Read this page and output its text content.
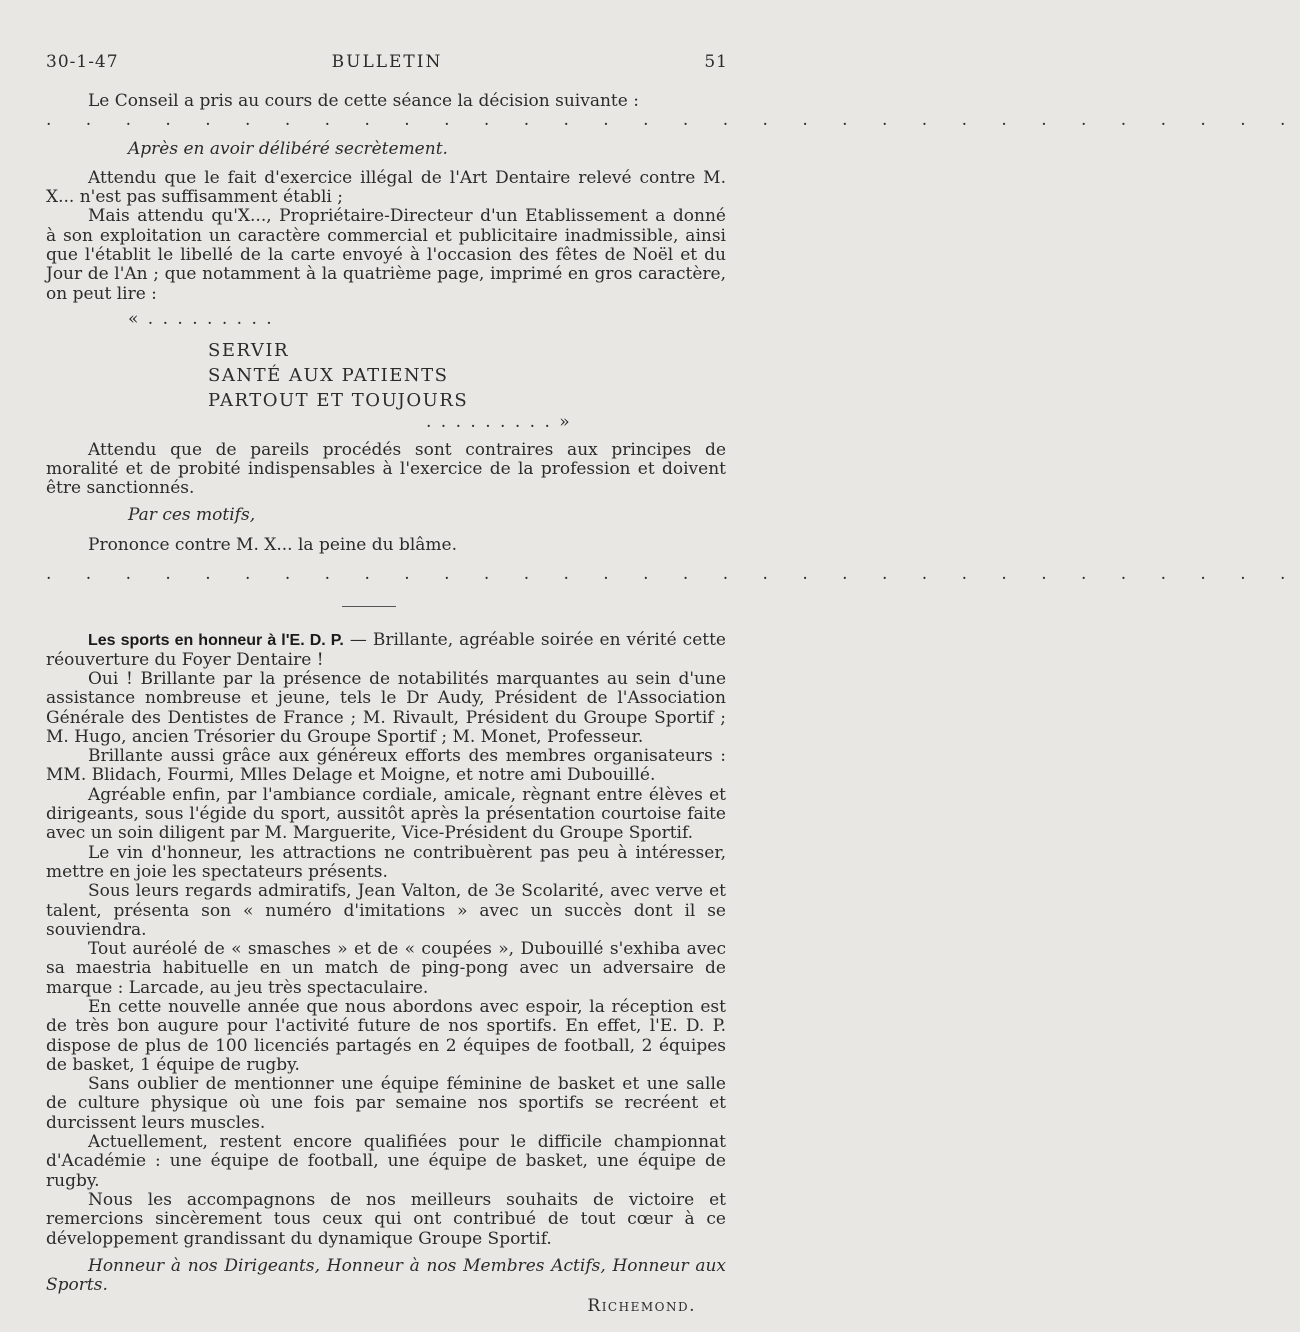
30-1-47	BULLETIN	51

Le Conseil a pris au cours de cette séance la décision suivante :

. . . . . . . . . . . . . . . . . . . . . . . . . . . . . . . .

Après en avoir délibéré secrètement.

Attendu que le fait d'exercice illégal de l'Art Dentaire relevé contre M. X... n'est pas suffisamment établi ;

Mais attendu qu'X..., Propriétaire-Directeur d'un Etablissement a donné à son exploitation un caractère commercial et publicitaire inadmissible, ainsi que l'établit le libellé de la carte envoyé à l'occasion des fêtes de Noël et du Jour de l'An ; que notamment à la quatrième page, imprimé en gros caractère, on peut lire :

« . . . . . . . . .

SERVIR

SANTÉ AUX PATIENTS

PARTOUT ET TOUJOURS

. . . . . . . . . »

Attendu que de pareils procédés sont contraires aux principes de moralité et de probité indispensables à l'exercice de la profession et doivent être sanctionnés.

Par ces motifs,

Prononce contre M. X... la peine du blâme.

. . . . . . . . . . . . . . . . . . . . . . . . . . . . . . . .

Les sports en honneur à l'E. D. P. — Brillante, agréable soirée en vérité cette réouverture du Foyer Dentaire !

Oui ! Brillante par la présence de notabilités marquantes au sein d'une assistance nombreuse et jeune, tels le Dr Audy, Président de l'Association Générale des Dentistes de France ; M. Rivault, Président du Groupe Sportif ; M. Hugo, ancien Trésorier du Groupe Sportif ; M. Monet, Professeur.

Brillante aussi grâce aux généreux efforts des membres organisateurs : MM. Blidach, Fourmi, Mlles Delage et Moigne, et notre ami Dubouillé.

Agréable enfin, par l'ambiance cordiale, amicale, règnant entre élèves et dirigeants, sous l'égide du sport, aussitôt après la présentation courtoise faite avec un soin diligent par M. Marguerite, Vice-Président du Groupe Sportif.

Le vin d'honneur, les attractions ne contribuèrent pas peu à intéresser, mettre en joie les spectateurs présents.

Sous leurs regards admiratifs, Jean Valton, de 3e Scolarité, avec verve et talent, présenta son « numéro d'imitations » avec un succès dont il se souviendra.

Tout auréolé de « smasches » et de « coupées », Dubouillé s'exhiba avec sa maestria habituelle en un match de ping-pong avec un adversaire de marque : Larcade, au jeu très spectaculaire.

En cette nouvelle année que nous abordons avec espoir, la réception est de très bon augure pour l'activité future de nos sportifs. En effet, l'E. D. P. dispose de plus de 100 licenciés partagés en 2 équipes de football, 2 équipes de basket, 1 équipe de rugby.

Sans oublier de mentionner une équipe féminine de basket et une salle de culture physique où une fois par semaine nos sportifs se recréent et durcissent leurs muscles.

Actuellement, restent encore qualifiées pour le difficile championnat d'Académie : une équipe de football, une équipe de basket, une équipe de rugby.

Nous les accompagnons de nos meilleurs souhaits de victoire et remercions sincèrement tous ceux qui ont contribué de tout cœur à ce développement grandissant du dynamique Groupe Sportif.

Honneur à nos Dirigeants, Honneur à nos Membres Actifs, Honneur aux Sports.

Richemond.
